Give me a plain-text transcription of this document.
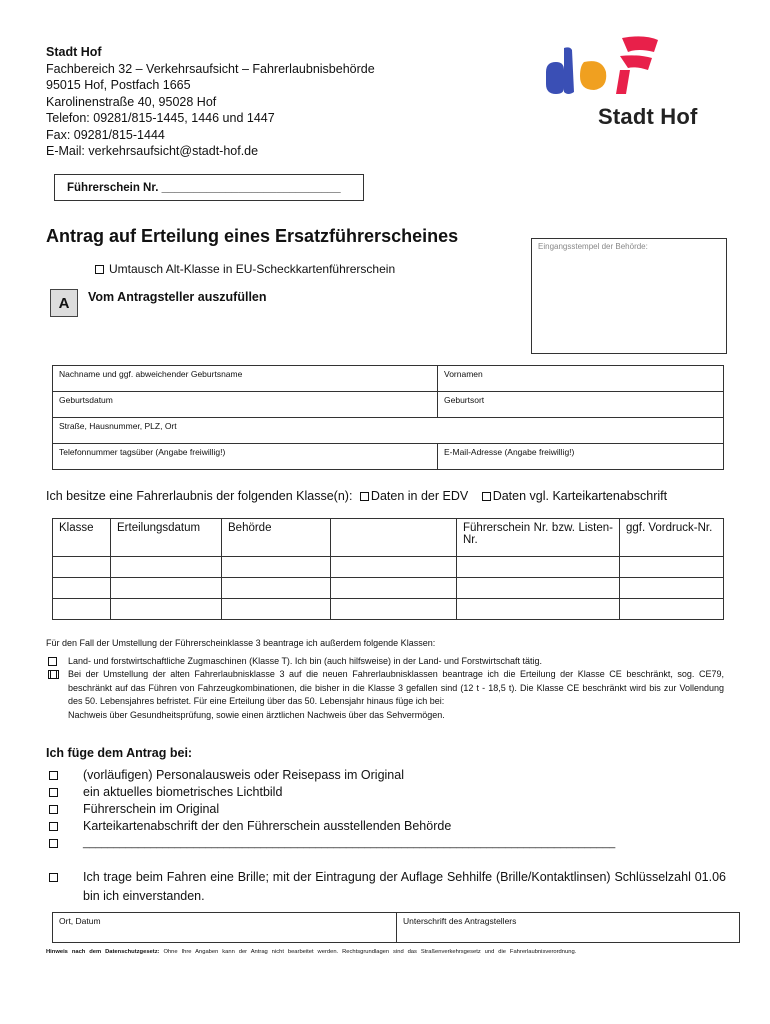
Stadt Hof
Fachbereich 32 – Verkehrsaufsicht – Fahrerlaubnisbehörde
95015 Hof, Postfach 1665
Karolinenstraße 40, 95028 Hof
Telefon: 09281/815-1445, 1446 und 1447
Fax: 09281/815-1444
E-Mail: verkehrsaufsicht@stadt-hof.de
Stadt Hof
Führerschein Nr. ____________________________
Antrag auf Erteilung eines Ersatzführerscheines
Eingangsstempel der Behörde:
Umtausch Alt-Klasse in EU-Scheckkartenführerschein
A	Vom Antragsteller auszufüllen
Nachname und ggf. abweichender Geburtsname	Vornamen
Geburtsdatum	Geburtsort
Straße, Hausnummer, PLZ, Ort	
Telefonnummer tagsüber (Angabe freiwillig!)	E-Mail-Adresse (Angabe freiwillig!)
Ich besitze eine Fahrerlaubnis der folgenden Klasse(n): Daten in der EDV Daten vgl. Karteikartenabschrift
Klasse	Erteilungsdatum	Behörde		Führerschein Nr. bzw. Listen-Nr.	ggf. Vordruck-Nr.

Für den Fall der Umstellung der Führerscheinklasse 3 beantrage ich außerdem folgende Klassen:
Land- und forstwirtschaftliche Zugmaschinen (Klasse T). Ich bin (auch hilfsweise) in der Land- und Forstwirtschaft tätig.
Bei der Umstellung der alten Fahrerlaubnisklasse 3 auf die neuen Fahrerlaubnisklassen beantrage ich die Erteilung der Klasse CE beschränkt, sog. CE79, beschränkt auf das Führen von Fahrzeugkombinationen, die bisher in die Klasse 3 gefallen sind (12 t - 18,5 t). Die Klasse CE beschränkt wird bis zur Vollendung des 50. Lebensjahres befristet. Für eine Erteilung über das 50. Lebensjahr hinaus füge ich bei:

Nachweis über Gesundheitsprüfung, sowie einen ärztlichen Nachweis über das Sehvermögen.
Ich füge dem Antrag bei:
(vorläufigen) Personalausweis oder Reisepass im Original
ein aktuelles biometrisches Lichtbild
Führerschein im Original
Karteikartenabschrift der den Führerschein ausstellenden Behörde
_______________________________________________________________________________________
Ich trage beim Fahren eine Brille; mit der Eintragung der Auflage Sehhilfe (Brille/Kontaktlinsen) Schlüsselzahl 01.06 bin ich einverstanden.
Ort, Datum	Unterschrift des Antragstellers
Hinweis nach dem Datenschutzgesetz: Ohne Ihre Angaben kann der Antrag nicht bearbeitet werden. Rechtsgrundlagen sind das Straßenverkehrsgesetz und die Fahrerlaubnisverordnung.
